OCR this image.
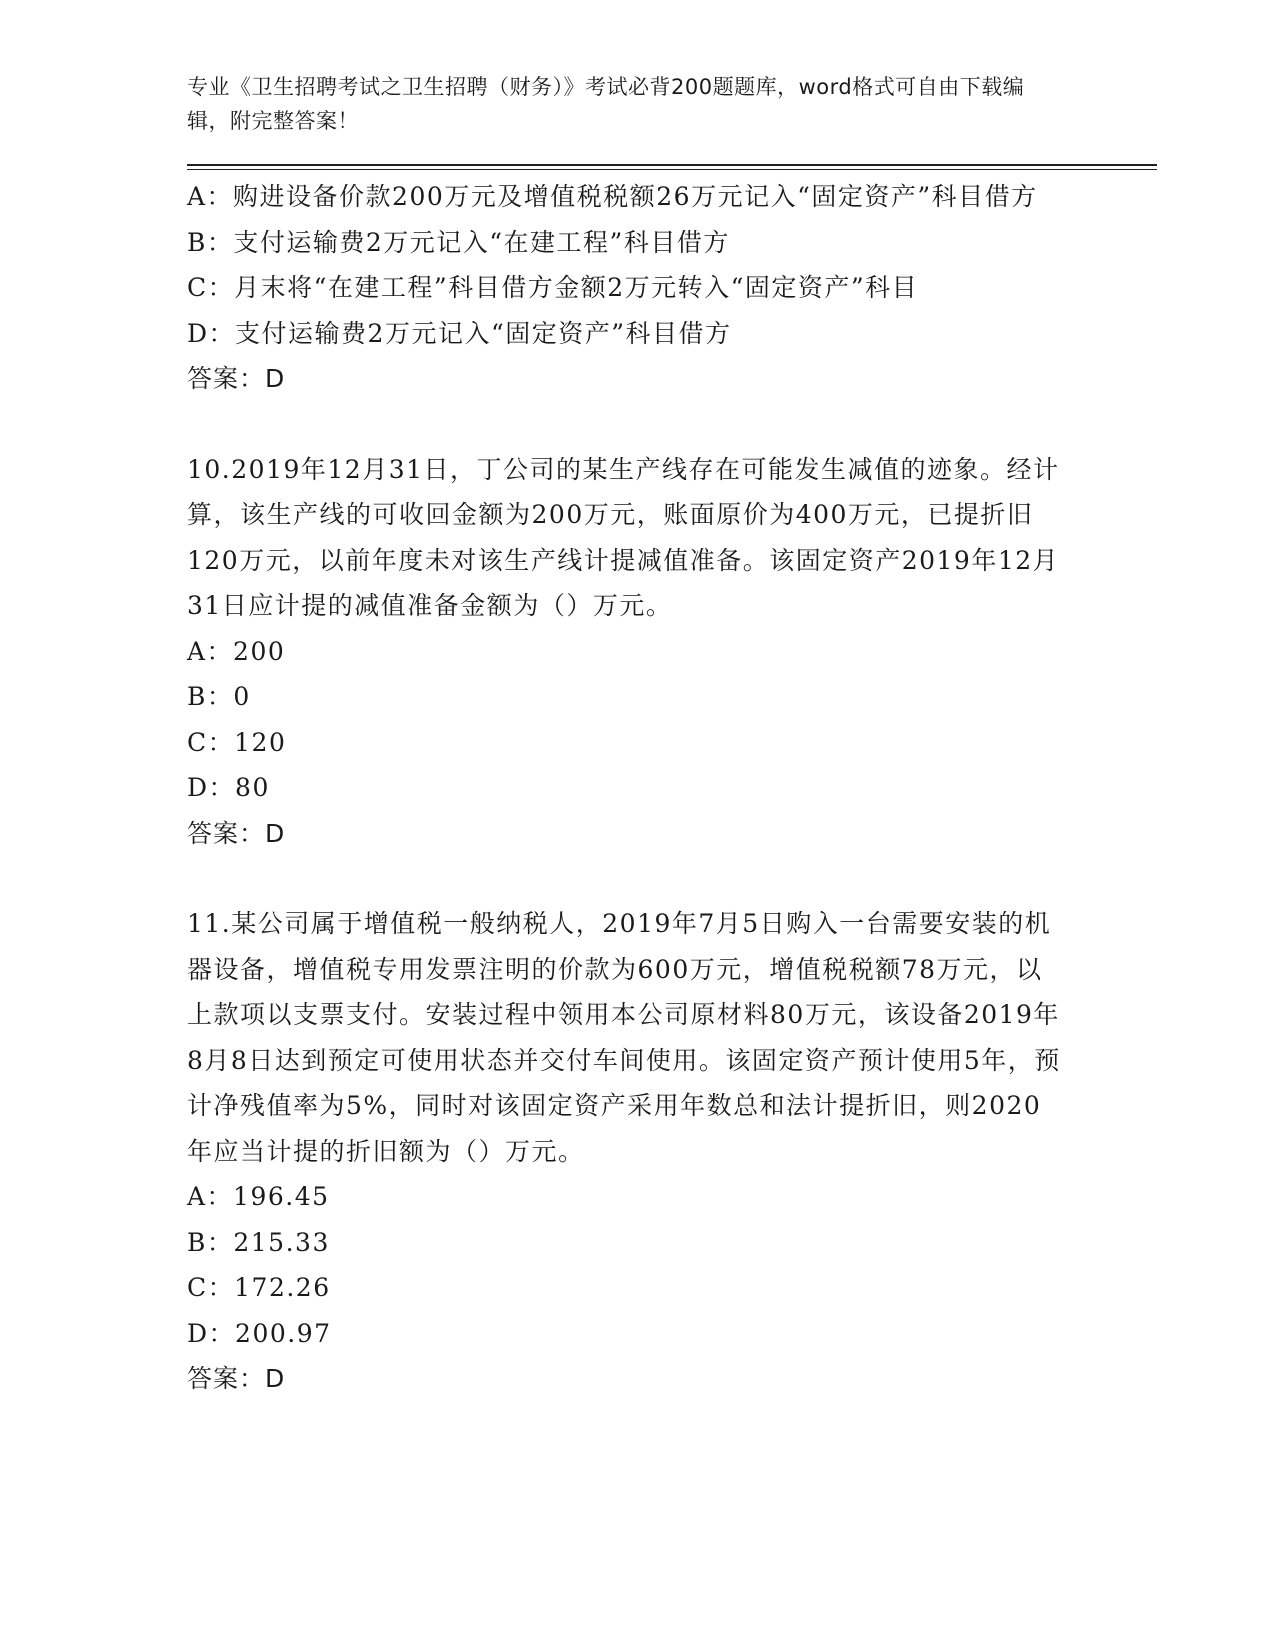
专业《卫生招聘考试之卫生招聘（财务）》考试必背200题题库，word格式可自由下载编辑，附完整答案！

A：购进设备价款200万元及增值税税额26万元记入“固定资产”科目借方

B：支付运输费2万元记入“在建工程”科目借方

C：月末将“在建工程”科目借方金额2万元转入“固定资产”科目

D：支付运输费2万元记入“固定资产”科目借方

答案：D

10.2019年12月31日，丁公司的某生产线存在可能发生减值的迹象。经计算，该生产线的可收回金额为200万元，账面原价为400万元，已提折旧120万元，以前年度未对该生产线计提减值准备。该固定资产2019年12月31日应计提的减值准备金额为（）万元。

A：200

B：0

C：120

D：80

答案：D

11.某公司属于增值税一般纳税人，2019年7月5日购入一台需要安装的机器设备，增值税专用发票注明的价款为600万元，增值税税额78万元，以上款项以支票支付。安装过程中领用本公司原材料80万元，该设备2019年8月8日达到预定可使用状态并交付车间使用。该固定资产预计使用5年，预计净残值率为5%，同时对该固定资产采用年数总和法计提折旧，则2020年应当计提的折旧额为（）万元。

A：196.45

B：215.33

C：172.26

D：200.97

答案：D
